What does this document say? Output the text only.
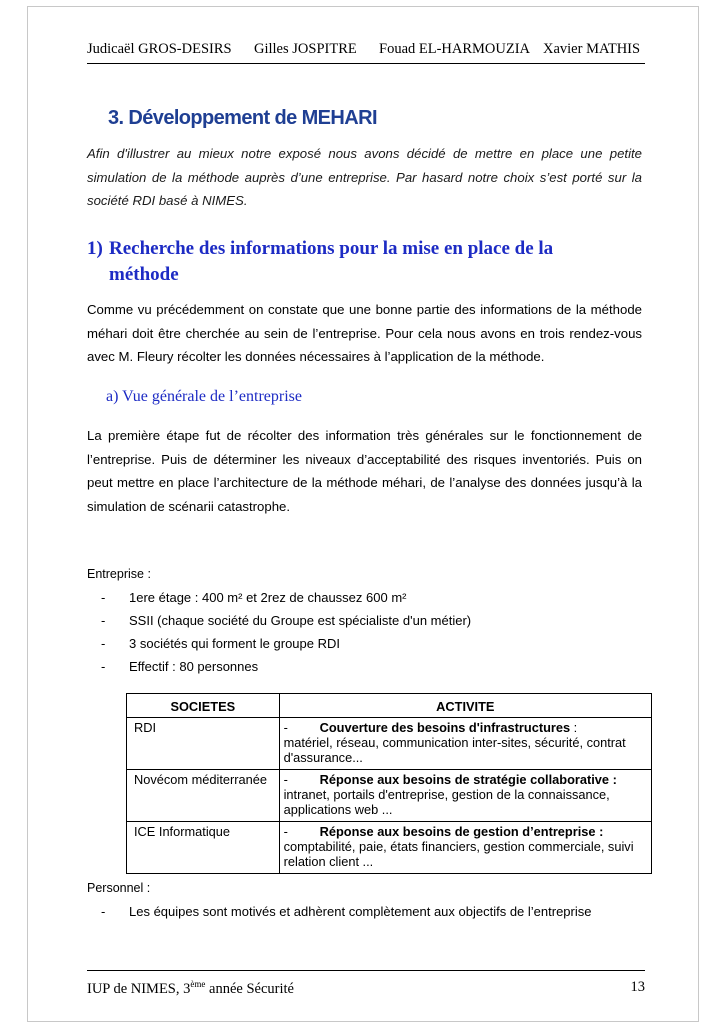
Judicaël GROS-DESIRS Gilles JOSPITRE Fouad EL-HARMOUZIA Xavier MATHIS
3. Développement de MEHARI
Afin d'illustrer au mieux notre exposé nous avons décidé de mettre en place une petite simulation de la méthode auprès d’une entreprise. Par hasard notre choix s’est porté sur la société RDI basé à NIMES.
1) Recherche des informations pour la mise en place de la
méthode
Comme vu précédemment on constate que une bonne partie des informations de la méthode méhari doit être cherchée au sein de l’entreprise. Pour cela nous avons en trois rendez-vous avec M. Fleury récolter les données nécessaires à l’application de la méthode.
a) Vue générale de l’entreprise
La première étape fut de récolter des information très générales sur le fonctionnement de l’entreprise. Puis de déterminer les niveaux d’acceptabilité des risques inventoriés. Puis on peut mettre en place l’architecture de la méthode méhari, de l’analyse des données jusqu’à la simulation de scénarii catastrophe.
Entreprise :
- 1ere étage : 400 m² et 2rez de chaussez 600 m²
- SSII (chaque société du Groupe est spécialiste d'un métier)
- 3 sociétés qui forment le groupe RDI
- Effectif : 80 personnes
SOCIETES	ACTIVITE
RDI	- Couverture des besoins d'infrastructures :
matériel, réseau, communication inter-sites, sécurité, contrat d'assurance...
Novécom méditerranée	- Réponse aux besoins de stratégie collaborative :
intranet, portails d'entreprise, gestion de la connaissance, applications web ...
ICE Informatique	- Réponse aux besoins de gestion d’entreprise :
comptabilité, paie, états financiers, gestion commerciale, suivi relation client ...
Personnel :
- Les équipes sont motivés et adhèrent complètement aux objectifs de l’entreprise
IUP de NIMES, 3ème année Sécurité	13
